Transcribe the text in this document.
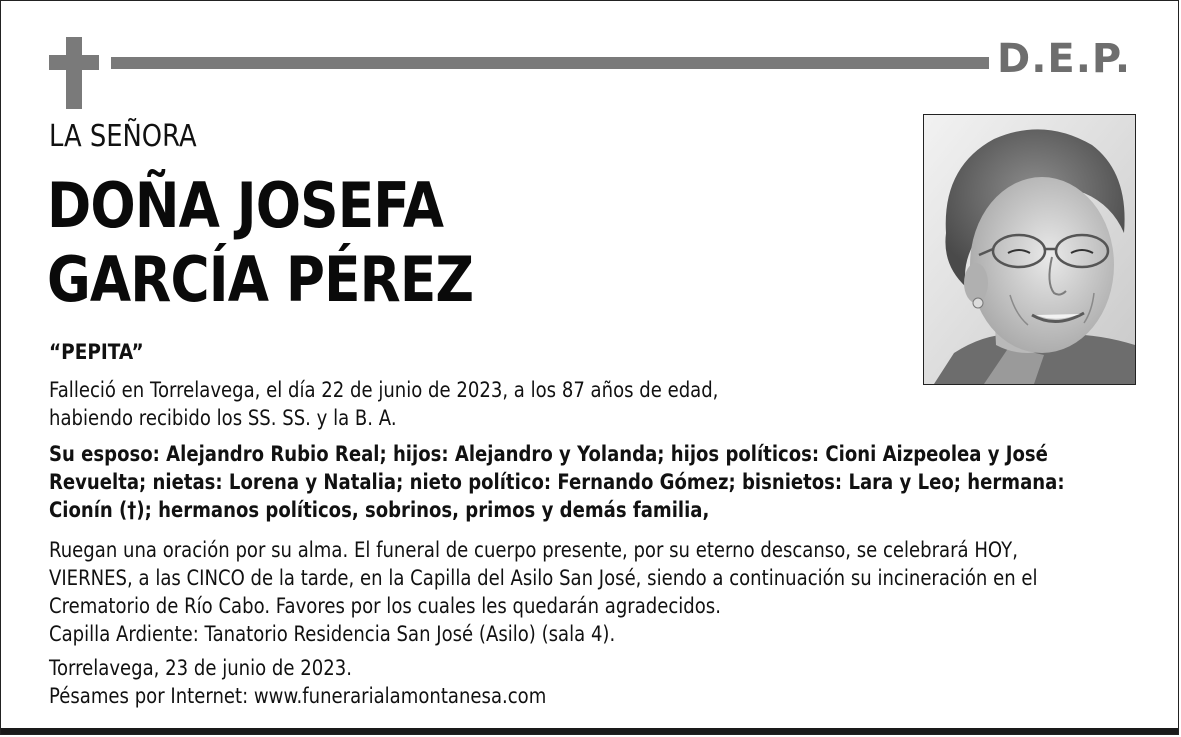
D.E.P.
LA SEÑORA
DOÑA JOSEFA
GARCÍA PÉREZ
“PEPITA”
Falleció en Torrelavega, el día 22 de junio de 2023, a los 87 años de edad,
habiendo recibido los SS. SS. y la B. A.
Su esposo: Alejandro Rubio Real; hijos: Alejandro y Yolanda; hijos políticos: Cioni Aizpeolea y José
Revuelta; nietas: Lorena y Natalia; nieto político: Fernando Gómez; bisnietos: Lara y Leo; hermana:
Cionín (†); hermanos políticos, sobrinos, primos y demás familia,
Ruegan una oración por su alma. El funeral de cuerpo presente, por su eterno descanso, se celebrará HOY,
VIERNES, a las CINCO de la tarde, en la Capilla del Asilo San José, siendo a continuación su incineración en el
Crematorio de Río Cabo. Favores por los cuales les quedarán agradecidos.
Capilla Ardiente: Tanatorio Residencia San José (Asilo) (sala 4).
Torrelavega, 23 de junio de 2023.
Pésames por Internet: www.funerarialamontanesa.com
